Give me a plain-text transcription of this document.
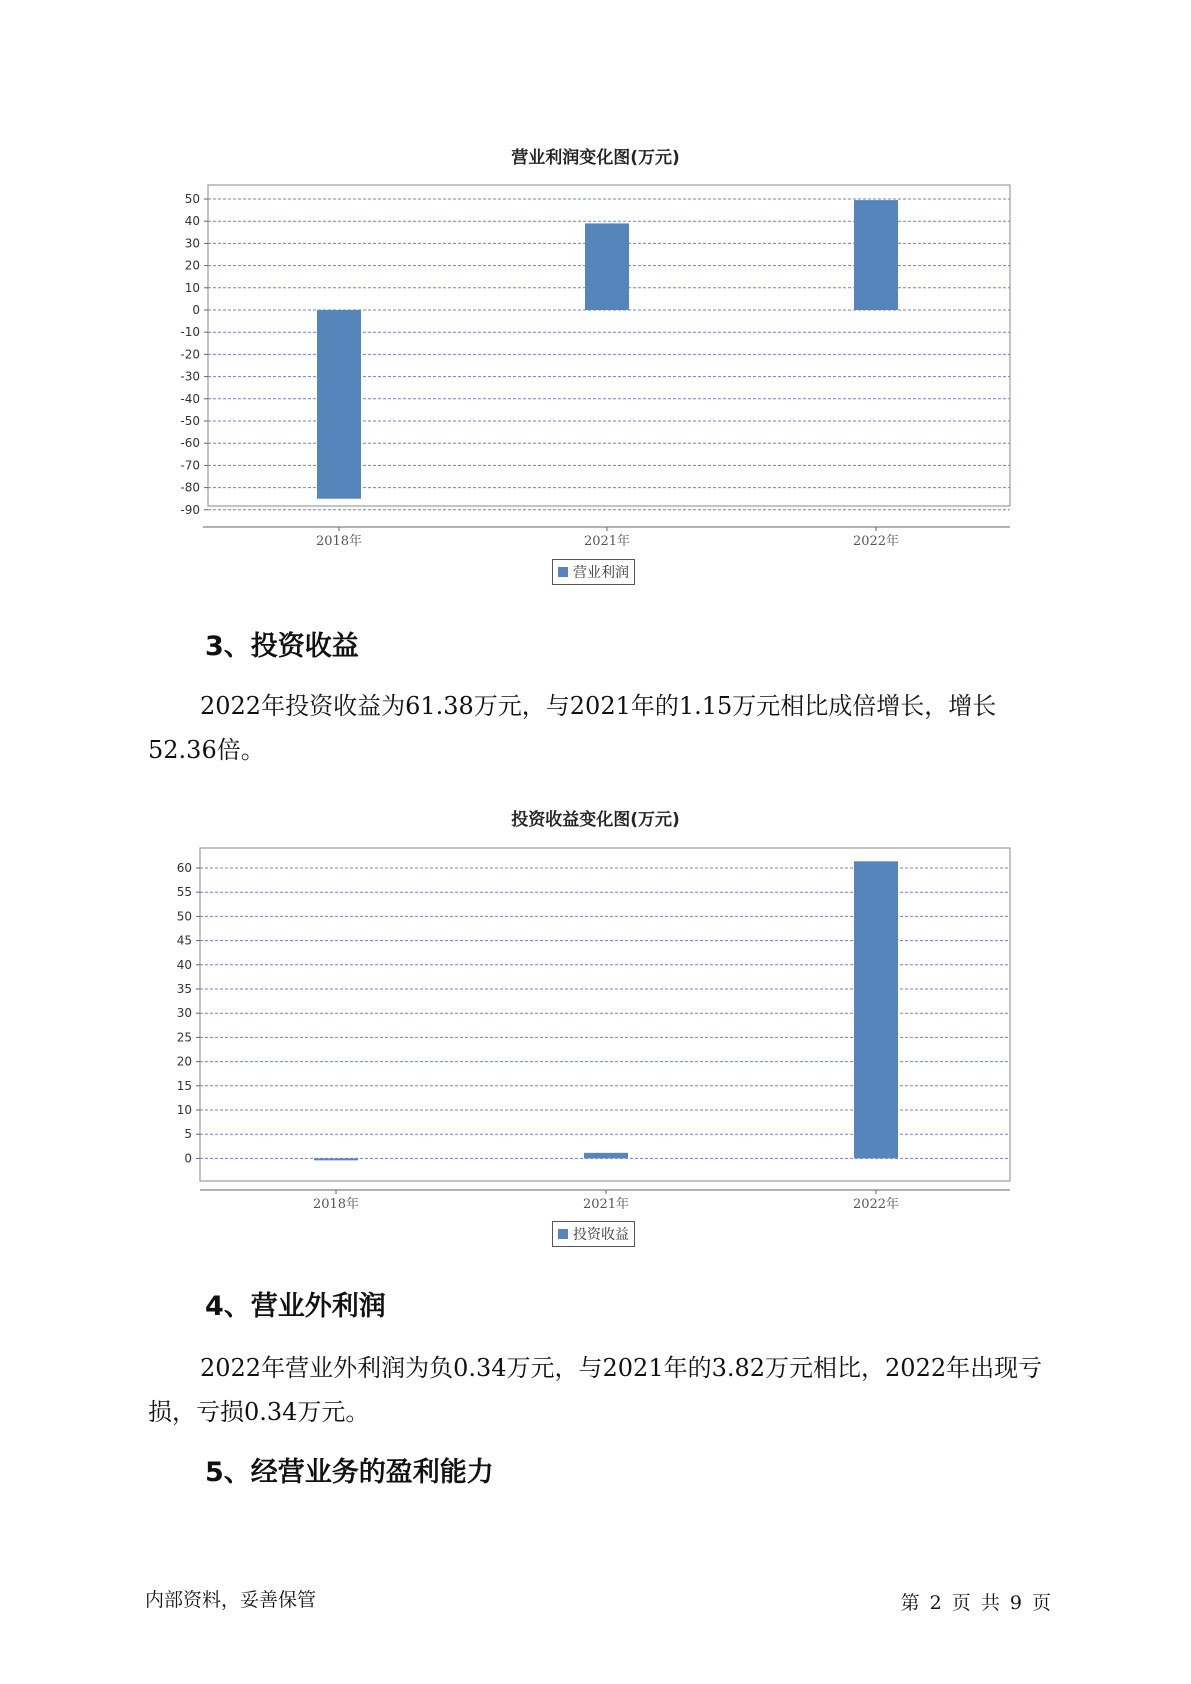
营业利润变化图(万元)
50
40
30
20
10
0
-10
-20
-30
-40
-50
-60
-70
-80
-90
2018年	2021年	2022年
营业利润
3、投资收益
2022年投资收益为61.38万元，与2021年的1.15万元相比成倍增长，增长52.36倍。
投资收益变化图(万元)
60
55
50
45
40
35
30
25
20
15
10
5
0
2018年	2021年	2022年
投资收益
4、营业外利润
2022年营业外利润为负0.34万元，与2021年的3.82万元相比，2022年出现亏损，亏损0.34万元。
5、经营业务的盈利能力
内部资料，妥善保管	第 2 页 共 9 页
